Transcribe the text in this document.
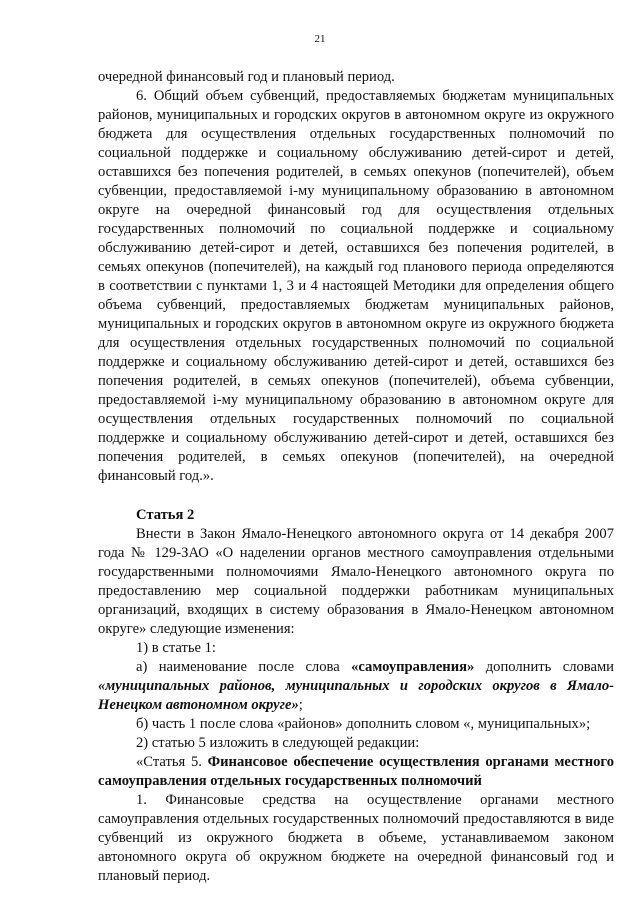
21

очередной финансовый год и плановый период.

6. Общий объем субвенций, предоставляемых бюджетам муниципальных районов, муниципальных и городских округов в автономном округе из окружного бюджета для осуществления отдельных государственных полномочий по социальной поддержке и социальному обслуживанию детей-сирот и детей, оставшихся без попечения родителей, в семьях опекунов (попечителей), объем субвенции, предоставляемой i-му муниципальному образованию в автономном округе на очередной финансовый год для осуществления отдельных государственных полномочий по социальной поддержке и социальному обслуживанию детей-сирот и детей, оставшихся без попечения родителей, в семьях опекунов (попечителей), на каждый год планового периода определяются в соответствии с пунктами 1, 3 и 4 настоящей Методики для определения общего объема субвенций, предоставляемых бюджетам муниципальных районов, муниципальных и городских округов в автономном округе из окружного бюджета для осуществления отдельных государственных полномочий по социальной поддержке и социальному обслуживанию детей-сирот и детей, оставшихся без попечения родителей, в семьях опекунов (попечителей), объема субвенции, предоставляемой i-му муниципальному образованию в автономном округе для осуществления отдельных государственных полномочий по социальной поддержке и социальному обслуживанию детей-сирот и детей, оставшихся без попечения родителей, в семьях опекунов (попечителей), на очередной финансовый год.».

Статья 2

Внести в Закон Ямало-Ненецкого автономного округа от 14 декабря 2007 года № 129-ЗАО «О наделении органов местного самоуправления отдельными государственными полномочиями Ямало-Ненецкого автономного округа по предоставлению мер социальной поддержки работникам муниципальных организаций, входящих в систему образования в Ямало-Ненецком автономном округе» следующие изменения:

1) в статье 1:

а) наименование после слова «самоуправления» дополнить словами «муниципальных районов, муниципальных и городских округов в Ямало-Ненецком автономном округе»;

б) часть 1 после слова «районов» дополнить словом «, муниципальных»;

2) статью 5 изложить в следующей редакции:

«Статья 5. Финансовое обеспечение осуществления органами местного самоуправления отдельных государственных полномочий

1. Финансовые средства на осуществление органами местного самоуправления отдельных государственных полномочий предоставляются в виде субвенций из окружного бюджета в объеме, устанавливаемом законом автономного округа об окружном бюджете на очередной финансовый год и плановый период.
